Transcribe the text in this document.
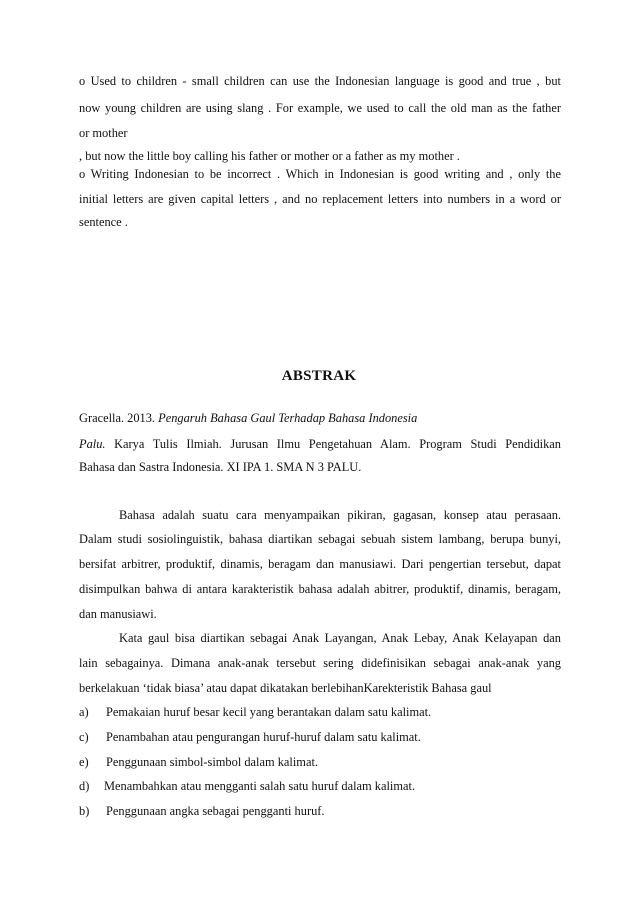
o Used to children - small children can use the Indonesian language is good and true , but
now young children are using slang . For example, we used to call the old man as the father
or mother
, but now the little boy calling his father or mother or a father as my mother .
o Writing Indonesian to be incorrect . Which in Indonesian is good writing and , only the
initial letters are given capital letters , and no replacement letters into numbers in a word or
sentence .
ABSTRAK
Gracella. 2013. Pengaruh Bahasa Gaul Terhadap Bahasa Indonesia
Palu. Karya Tulis Ilmiah. Jurusan Ilmu Pengetahuan Alam. Program Studi Pendidikan
Bahasa dan Sastra Indonesia. XI IPA 1. SMA N 3 PALU.
Bahasa adalah suatu cara menyampaikan pikiran, gagasan, konsep atau perasaan.
Dalam studi sosiolinguistik, bahasa diartikan sebagai sebuah sistem lambang, berupa bunyi,
bersifat arbitrer, produktif, dinamis, beragam dan manusiawi. Dari pengertian tersebut, dapat
disimpulkan bahwa di antara karakteristik bahasa adalah abitrer, produktif, dinamis, beragam,
dan manusiawi.
Kata gaul bisa diartikan sebagai Anak Layangan, Anak Lebay, Anak Kelayapan dan
lain sebagainya. Dimana anak-anak tersebut sering didefinisikan sebagai anak-anak yang
berkelakuan ‘tidak biasa’ atau dapat dikatakan berlebihanKarekteristik Bahasa gaul
a) Pemakaian huruf besar kecil yang berantakan dalam satu kalimat.
c) Penambahan atau pengurangan huruf-huruf dalam satu kalimat.
e) Penggunaan simbol-simbol dalam kalimat.
d) Menambahkan atau mengganti salah satu huruf dalam kalimat.
b) Penggunaan angka sebagai pengganti huruf.
